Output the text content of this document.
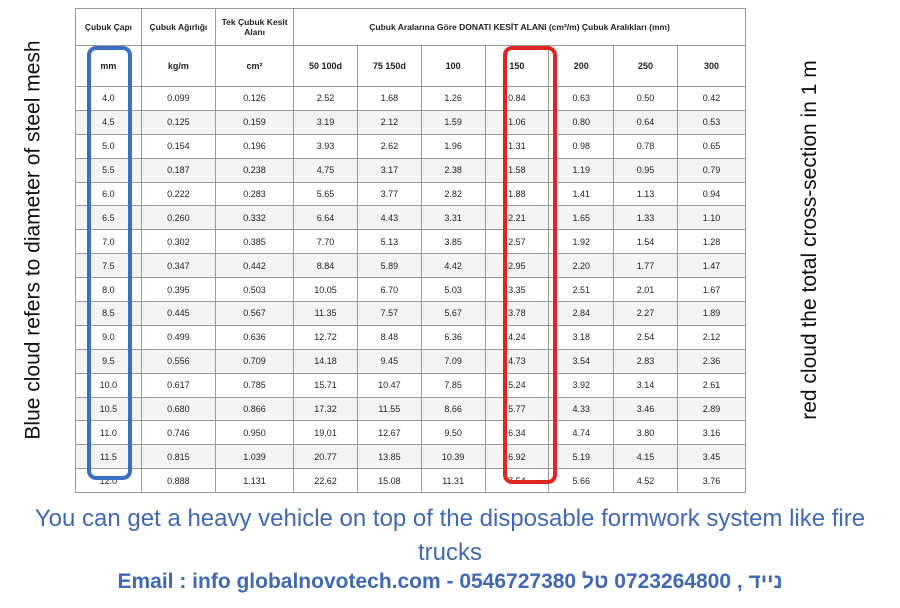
Blue cloud refers to diameter of steel mesh
Çubuk Çapı	Çubuk Ağırlığı	Tek Çubuk Kesit Alanı	Çubuk Aralarına Göre DONATI KESİT ALANI (cm²/m) Çubuk Aralıkları (mm)						
mm	kg/m	cm²	50 100d	75 150d	100	150	200	250	300
4.0	0.099	0.126	2.52	1.68	1.26	0.84	0.63	0.50	0.42
4.5	0.125	0.159	3.19	2.12	1.59	1.06	0.80	0.64	0.53
5.0	0.154	0.196	3.93	2.62	1.96	1.31	0.98	0.78	0.65
5.5	0.187	0.238	4.75	3.17	2.38	1.58	1.19	0.95	0.79
6.0	0.222	0.283	5.65	3.77	2.82	1.88	1.41	1.13	0.94
6.5	0.260	0.332	6.64	4.43	3.31	2.21	1.65	1.33	1.10
7.0	0.302	0.385	7.70	5.13	3.85	2.57	1.92	1.54	1.28
7.5	0.347	0.442	8.84	5.89	4.42	2.95	2.20	1.77	1.47
8.0	0.395	0.503	10.05	6.70	5.03	3.35	2.51	2.01	1.67
8.5	0.445	0.567	11.35	7.57	5.67	3.78	2.84	2.27	1.89
9.0	0.499	0.636	12.72	8.48	6.36	4.24	3.18	2.54	2.12
9.5	0.556	0.709	14.18	9.45	7.09	4.73	3.54	2.83	2.36
10.0	0.617	0.785	15.71	10.47	7.85	5.24	3.92	3.14	2.61
10.5	0.680	0.866	17.32	11.55	8.66	5.77	4.33	3.46	2.89
11.0	0.746	0.950	19.01	12.67	9.50	6.34	4.74	3.80	3.16
11.5	0.815	1.039	20.77	13.85	10.39	6.92	5.19	4.15	3.45
12.0	0.888	1.131	22.62	15.08	11.31	7.54	5.66	4.52	3.76
red cloud the total cross-section in 1 m
You can get a heavy vehicle on top of the disposable formwork system like fire trucks
Email : info globalnovotech.com - 0546727380 נייד , 0723264800 טל
